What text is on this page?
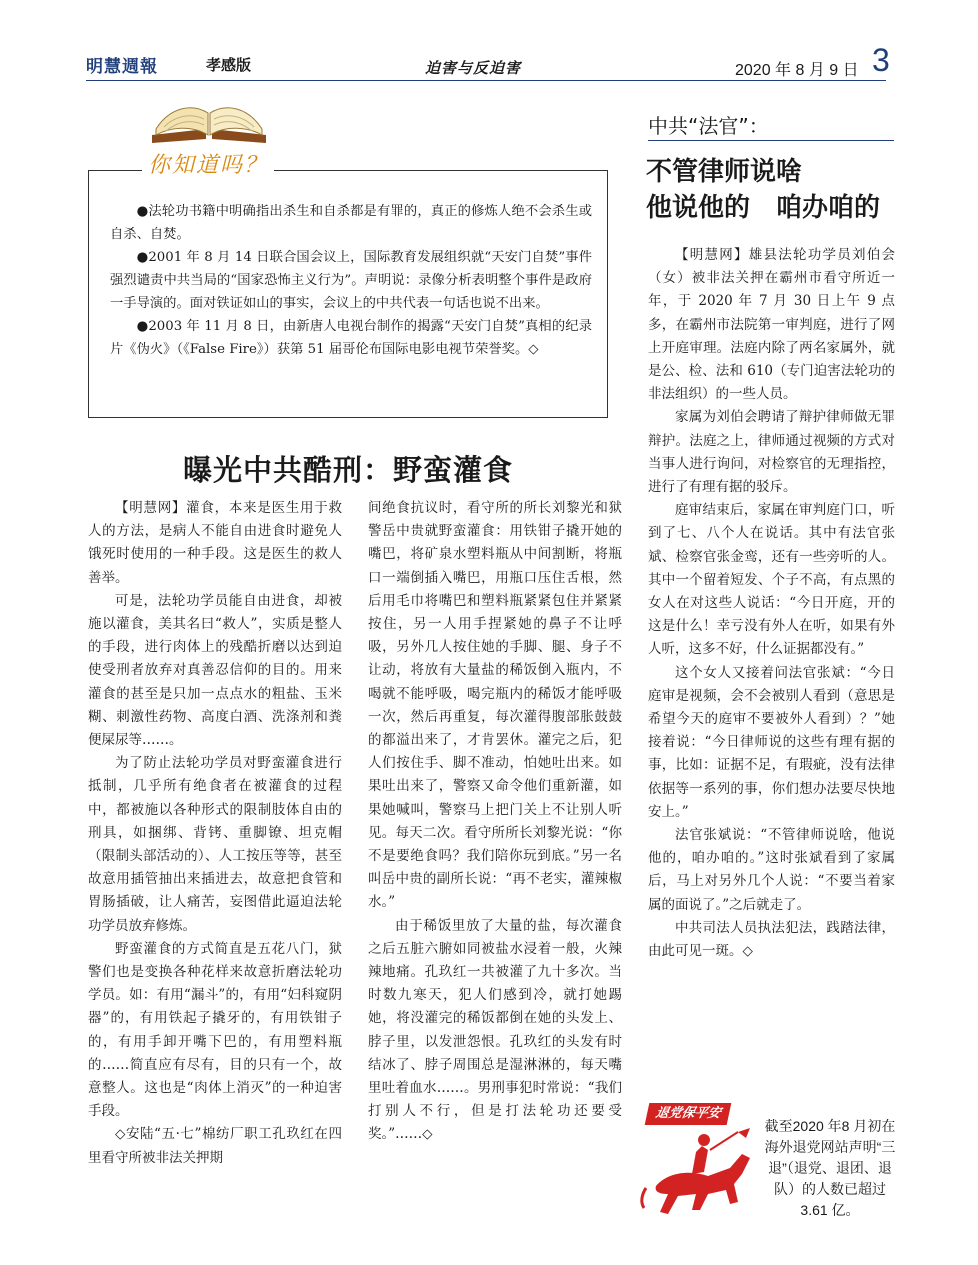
明慧週報	孝感版	迫害与反迫害	2020 年 8 月 9 日 3
你知道吗？

●法轮功书籍中明确指出杀生和自杀都是有罪的，真正的修炼人绝不会杀生或自杀、自焚。

●2001 年 8 月 14 日联合国会议上，国际教育发展组织就“天安门自焚”事件强烈谴责中共当局的“国家恐怖主义行为”。声明说：录像分析表明整个事件是政府一手导演的。面对铁证如山的事实，会议上的中共代表一句话也说不出来。

●2003 年 11 月 8 日，由新唐人电视台制作的揭露“天安门自焚”真相的纪录片《伪火》（《False Fire》）获第 51 届哥伦布国际电影电视节荣誉奖。◇

曝光中共酷刑：野蛮灌食

【明慧网】灌食，本来是医生用于救人的方法，是病人不能自由进食时避免人饿死时使用的一种手段。这是医生的救人善举。

可是，法轮功学员能自由进食，却被施以灌食，美其名曰“救人”，实质是整人的手段，进行肉体上的残酷折磨以达到迫使受刑者放弃对真善忍信仰的目的。用来灌食的甚至是只加一点点水的粗盐、玉米糊、刺激性药物、高度白酒、洗涤剂和粪便屎尿等……。

为了防止法轮功学员对野蛮灌食进行抵制，几乎所有绝食者在被灌食的过程中，都被施以各种形式的限制肢体自由的刑具，如捆绑、背铐、重脚镣、坦克帽（限制头部活动的）、人工按压等等，甚至故意用插管抽出来插进去，故意把食管和胃肠插破，让人痛苦，妄图借此逼迫法轮功学员放弃修炼。

野蛮灌食的方式简直是五花八门，狱警们也是变换各种花样来故意折磨法轮功学员。如：有用“漏斗”的，有用“妇科窥阴器”的，有用铁起子撬牙的，有用铁钳子的，有用手卸开嘴下巴的，有用塑料瓶的……简直应有尽有，目的只有一个，故意整人。这也是“肉体上消灭”的一种迫害手段。

◇安陆“五·七”棉纺厂职工孔玖红在四里看守所被非法关押期

间绝食抗议时，看守所的所长刘黎光和狱警岳中贵就野蛮灌食：用铁钳子撬开她的嘴巴，将矿泉水塑料瓶从中间割断，将瓶口一端倒插入嘴巴，用瓶口压住舌根，然后用毛巾将嘴巴和塑料瓶紧紧包住并紧紧按住，另一人用手捏紧她的鼻子不让呼吸，另外几人按住她的手脚、腿、身子不让动，将放有大量盐的稀饭倒入瓶内，不喝就不能呼吸，喝完瓶内的稀饭才能呼吸一次，然后再重复，每次灌得腹部胀鼓鼓的都溢出来了，才肯罢休。灌完之后，犯人们按住手、脚不准动，怕她吐出来。如果吐出来了，警察又命令他们重新灌，如果她喊叫，警察马上把门关上不让别人听见。每天二次。看守所所长刘黎光说：“你不是要绝食吗？我们陪你玩到底。”另一名叫岳中贵的副所长说：“再不老实，灌辣椒水。”

由于稀饭里放了大量的盐，每次灌食之后五脏六腑如同被盐水浸着一般，火辣辣地痛。孔玖红一共被灌了九十多次。当时数九寒天，犯人们感到冷，就打她踢她，将没灌完的稀饭都倒在她的头发上、脖子里，以发泄怨恨。孔玖红的头发有时结冰了、脖子周围总是湿淋淋的，每天嘴里吐着血水……。男刑事犯时常说：“我们打别人不行，但是打法轮功还要受奖。”……◇

中共“法官”：
不管律师说啥
他说他的　咱办咱的

【明慧网】雄县法轮功学员刘伯会（女）被非法关押在霸州市看守所近一年，于 2020 年 7 月 30 日上午 9 点多，在霸州市法院第一审判庭，进行了网上开庭审理。法庭内除了两名家属外，就是公、检、法和 610（专门迫害法轮功的非法组织）的一些人员。

家属为刘伯会聘请了辩护律师做无罪辩护。法庭之上，律师通过视频的方式对当事人进行询问，对检察官的无理指控，进行了有理有据的驳斥。

庭审结束后，家属在审判庭门口，听到了七、八个人在说话。其中有法官张斌、检察官张金鸾，还有一些旁听的人。其中一个留着短发、个子不高，有点黑的女人在对这些人说话：“今日开庭，开的这是什么！幸亏没有外人在听，如果有外人听，这多不好，什么证据都没有。”

这个女人又接着问法官张斌：“今日庭审是视频，会不会被别人看到（意思是希望今天的庭审不要被外人看到）？”她接着说：“今日律师说的这些有理有据的事，比如：证据不足，有瑕疵，没有法律依据等一系列的事，你们想办法要尽快地安上。”

法官张斌说：“不管律师说啥，他说他的，咱办咱的。”这时张斌看到了家属后，马上对另外几个人说：“不要当着家属的面说了。”之后就走了。

中共司法人员执法犯法，践踏法律，由此可见一斑。◇

退党保平安
截至2020 年8 月初在海外退党网站声明“三退”（退党、退团、退队）的人数已超过 3.61 亿。
